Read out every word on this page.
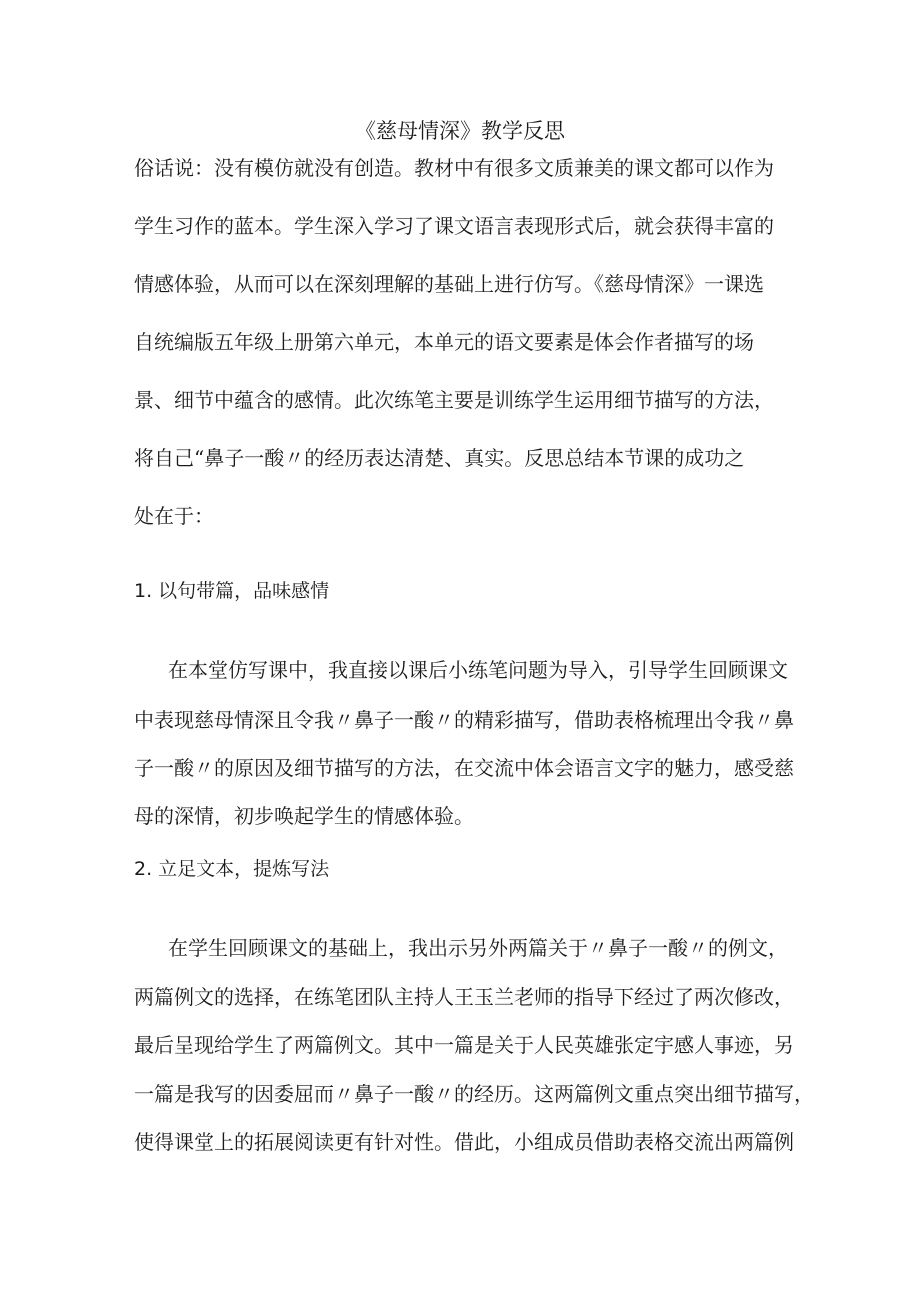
《慈母情深》教学反思
俗话说：没有模仿就没有创造。教材中有很多文质兼美的课文都可以作为
学生习作的蓝本。学生深入学习了课文语言表现形式后，就会获得丰富的
情感体验，从而可以在深刻理解的基础上进行仿写。《慈母情深》一课选
自统编版五年级上册第六单元，本单元的语文要素是体会作者描写的场
景、细节中蕴含的感情。此次练笔主要是训练学生运用细节描写的方法，
将自己“鼻子一酸〃的经历表达清楚、真实。反思总结本节课的成功之
处在于：
1. 以句带篇，品味感情
在本堂仿写课中，我直接以课后小练笔问题为导入，引导学生回顾课文
中表现慈母情深且令我〃鼻子一酸〃的精彩描写，借助表格梳理出令我〃鼻
子一酸〃的原因及细节描写的方法，在交流中体会语言文字的魅力，感受慈
母的深情，初步唤起学生的情感体验。
2. 立足文本，提炼写法
在学生回顾课文的基础上，我出示另外两篇关于〃鼻子一酸〃的例文，
两篇例文的选择，在练笔团队主持人王玉兰老师的指导下经过了两次修改，
最后呈现给学生了两篇例文。其中一篇是关于人民英雄张定宇感人事迹，另
一篇是我写的因委屈而〃鼻子一酸〃的经历。这两篇例文重点突出细节描写，
使得课堂上的拓展阅读更有针对性。借此，小组成员借助表格交流出两篇例
